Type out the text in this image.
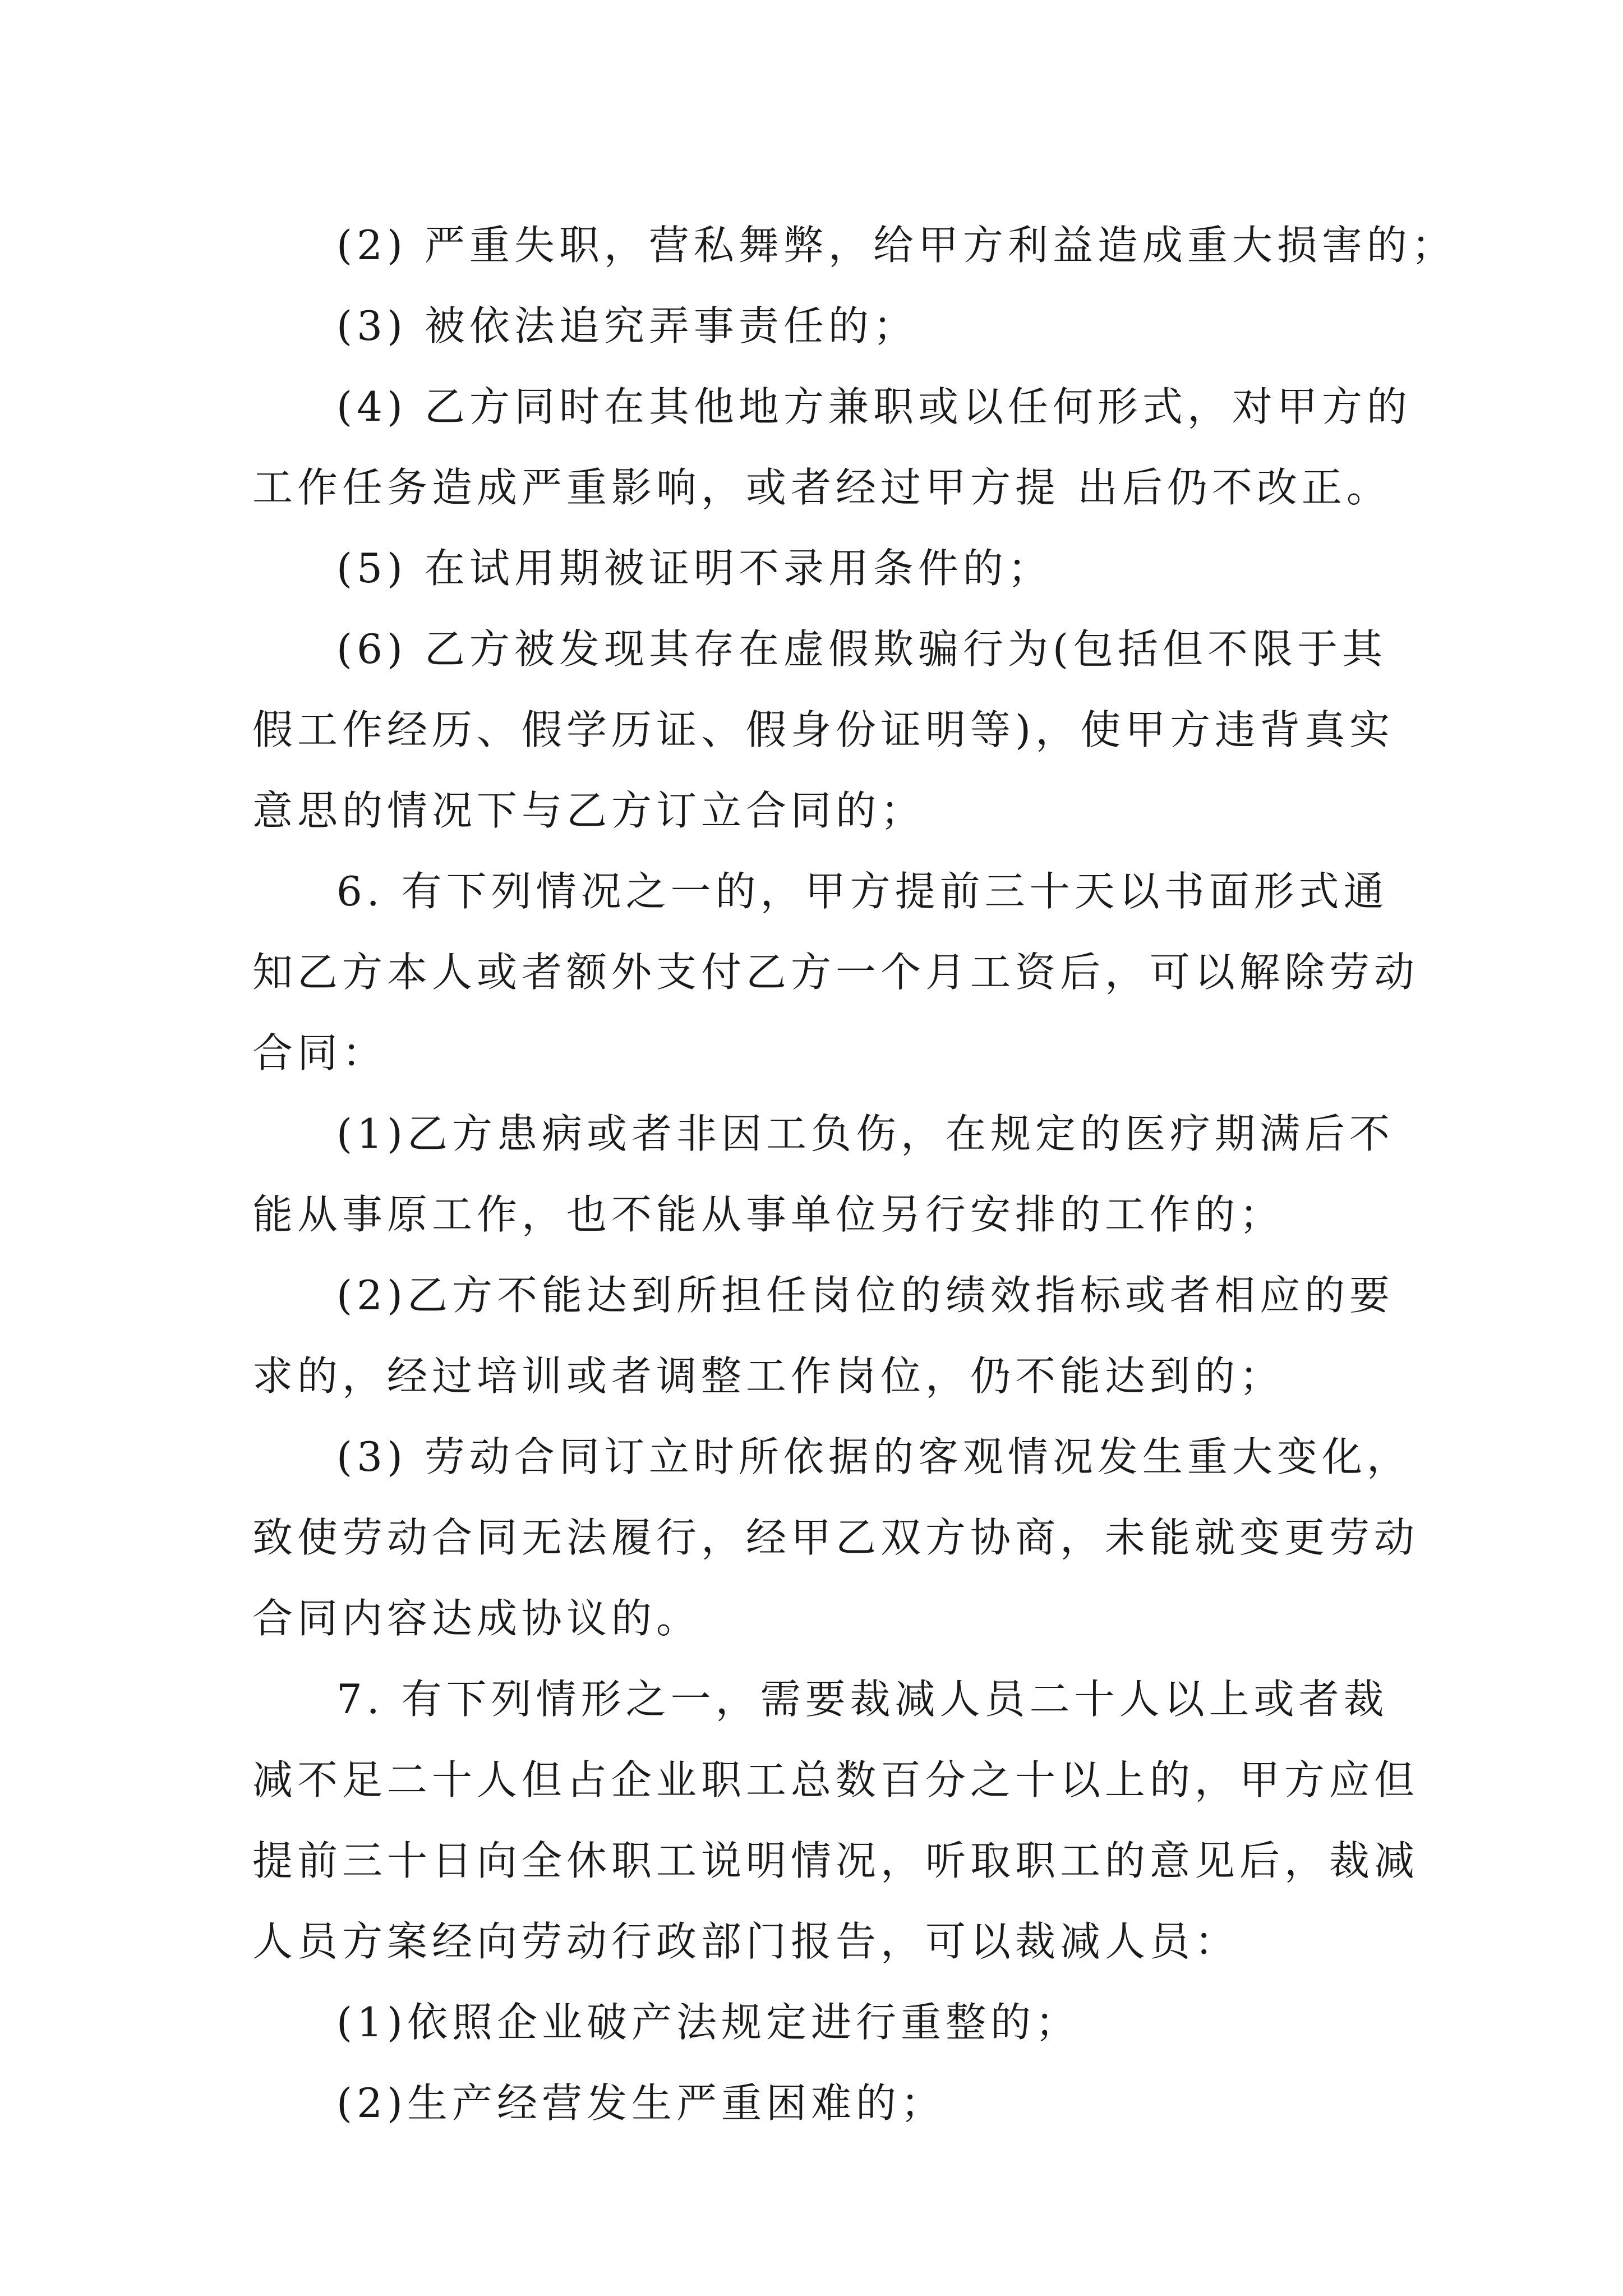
(2) 严重失职，营私舞弊，给甲方利益造成重大损害的；
(3) 被依法追究弄事责任的；
(4) 乙方同时在其他地方兼职或以任何形式，对甲方的
工作任务造成严重影响，或者经过甲方提 出后仍不改正。
(5) 在试用期被证明不录用条件的；
(6) 乙方被发现其存在虚假欺骗行为(包括但不限于其
假工作经历、假学历证、假身份证明等)，使甲方违背真实
意思的情况下与乙方订立合同的；
6. 有下列情况之一的，甲方提前三十天以书面形式通
知乙方本人或者额外支付乙方一个月工资后，可以解除劳动
合同：
(1)乙方患病或者非因工负伤，在规定的医疗期满后不
能从事原工作，也不能从事单位另行安排的工作的；
(2)乙方不能达到所担任岗位的绩效指标或者相应的要
求的，经过培训或者调整工作岗位，仍不能达到的；
(3) 劳动合同订立时所依据的客观情况发生重大变化，
致使劳动合同无法履行，经甲乙双方协商，未能就变更劳动
合同内容达成协议的。
7. 有下列情形之一，需要裁减人员二十人以上或者裁
减不足二十人但占企业职工总数百分之十以上的，甲方应但
提前三十日向全休职工说明情况，听取职工的意见后，裁减
人员方案经向劳动行政部门报告，可以裁减人员：
(1)依照企业破产法规定进行重整的；
(2)生产经营发生严重困难的；
